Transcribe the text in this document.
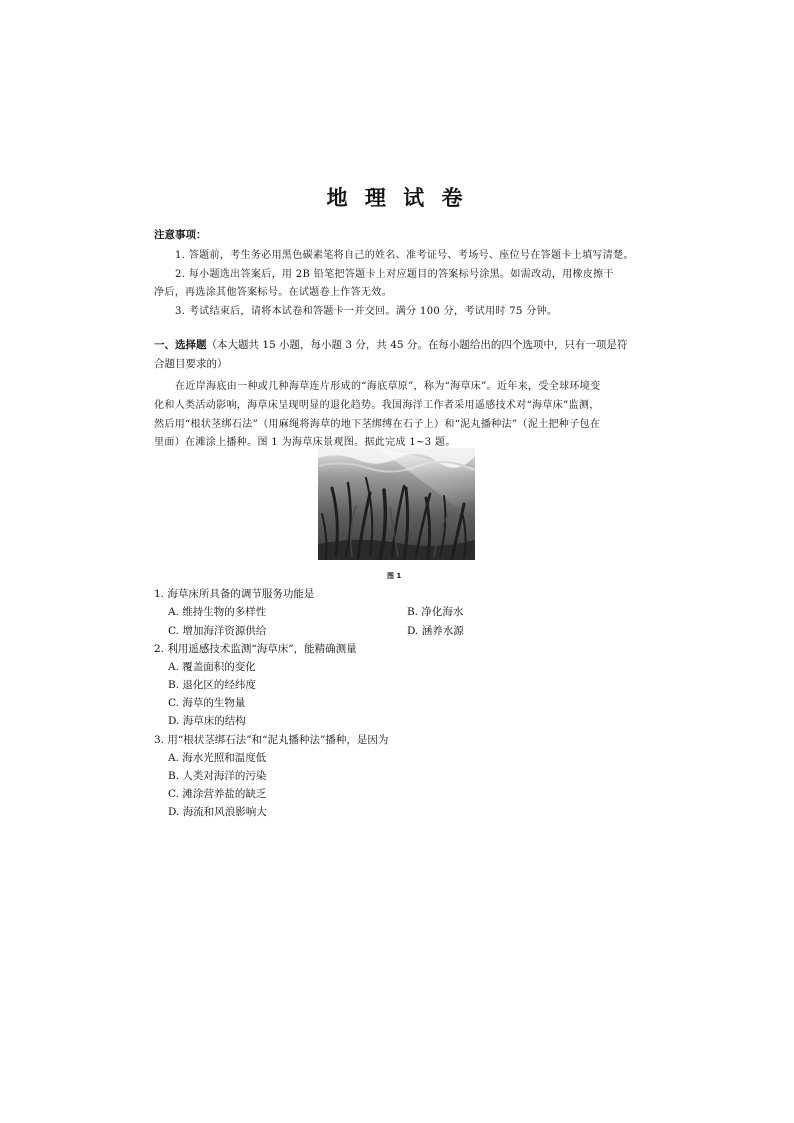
地 理 试 卷
注意事项：
1. 答题前，考生务必用黑色碳素笔将自己的姓名、准考证号、考场号、座位号在答题卡上填写清楚。
2. 每小题选出答案后，用 2B 铅笔把答题卡上对应题目的答案标号涂黑。如需改动，用橡皮擦干
净后，再选涂其他答案标号。在试题卷上作答无效。
3. 考试结束后，请将本试卷和答题卡一并交回。满分 100 分，考试用时 75 分钟。
一、选择题（本大题共 15 小题，每小题 3 分，共 45 分。在每小题给出的四个选项中，只有一项是符
合题目要求的）
在近岸海底由一种或几种海草连片形成的“海底草原”，称为“海草床”。近年来，受全球环境变
化和人类活动影响，海草床呈现明显的退化趋势。我国海洋工作者采用遥感技术对“海草床”监测，
然后用“根状茎绑石法”（用麻绳将海草的地下茎绑缚在石子上）和“泥丸播种法”（泥土把种子包在
里面）在滩涂上播种。图 1 为海草床景观图。据此完成 1~3 题。
图 1
1. 海草床所具备的调节服务功能是
A. 维持生物的多样性	B. 净化海水
C. 增加海洋资源供给	D. 涵养水源
2. 利用遥感技术监测“海草床”，能精确测量
A. 覆盖面积的变化
B. 退化区的经纬度
C. 海草的生物量
D. 海草床的结构
3. 用“根状茎绑石法”和“泥丸播种法”播种，是因为
A. 海水光照和温度低
B. 人类对海洋的污染
C. 滩涂营养盐的缺乏
D. 海流和风浪影响大
